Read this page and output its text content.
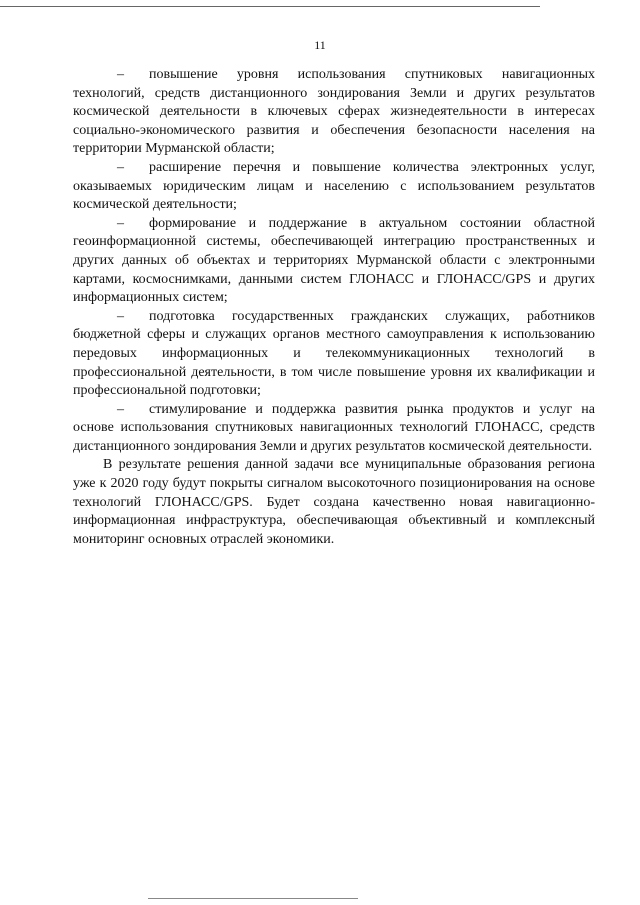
11

– повышение уровня использования спутниковых навигационных технологий, средств дистанционного зондирования Земли и других результатов космической деятельности в ключевых сферах жизнедеятельности в интересах социально-экономического развития и обеспечения безопасности населения на территории Мурманской области;

– расширение перечня и повышение количества электронных услуг, оказываемых юридическим лицам и населению с использованием результатов космической деятельности;

– формирование и поддержание в актуальном состоянии областной геоинформационной системы, обеспечивающей интеграцию пространственных и других данных об объектах и территориях Мурманской области с электронными картами, космоснимками, данными систем ГЛОНАСС и ГЛОНАСС/GPS и других информационных систем;

– подготовка государственных гражданских служащих, работников бюджетной сферы и служащих органов местного самоуправления к использованию передовых информационных и телекоммуникационных технологий в профессиональной деятельности, в том числе повышение уровня их квалификации и профессиональной подготовки;

– стимулирование и поддержка развития рынка продуктов и услуг на основе использования спутниковых навигационных технологий ГЛОНАСС, средств дистанционного зондирования Земли и других результатов космической деятельности.

В результате решения данной задачи все муниципальные образования региона уже к 2020 году будут покрыты сигналом высокоточного позиционирования на основе технологий ГЛОНАСС/GPS. Будет создана качественно новая навигационно-информационная инфраструктура, обеспечивающая объективный и комплексный мониторинг основных отраслей экономики.
